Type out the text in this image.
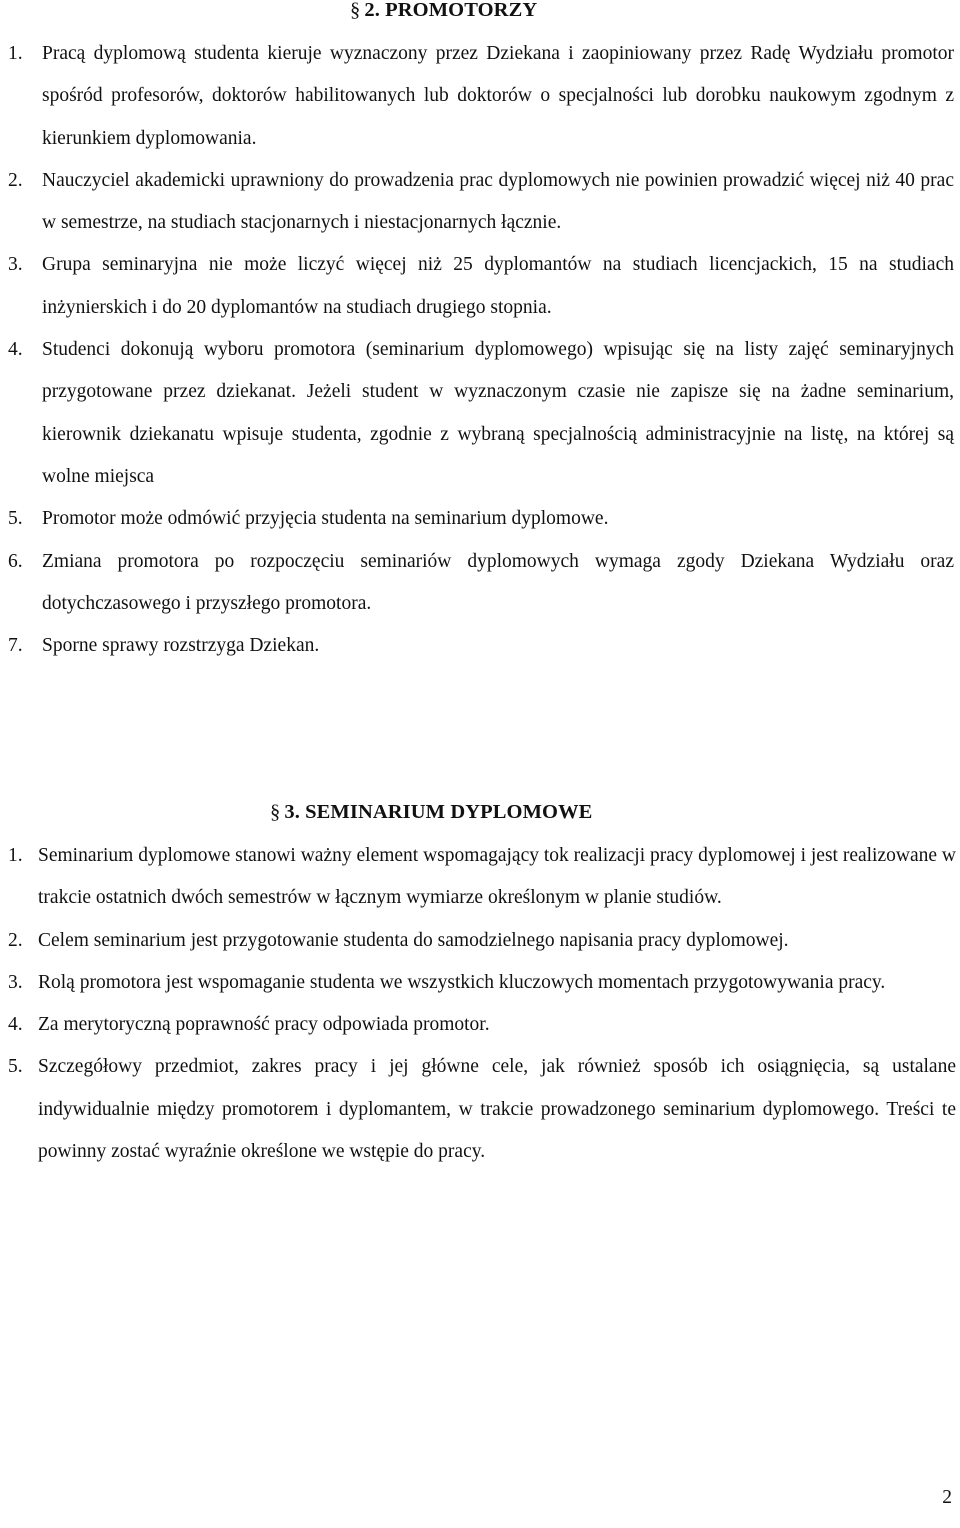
§ 2. PROMOTORZY
1. Pracą dyplomową studenta kieruje wyznaczony przez Dziekana i zaopiniowany przez Radę Wydziału promotor spośród profesorów, doktorów habilitowanych lub doktorów o specjalności lub dorobku naukowym zgodnym z kierunkiem dyplomowania.
2. Nauczyciel akademicki uprawniony do prowadzenia prac dyplomowych nie powinien prowadzić więcej niż 40 prac w semestrze, na studiach stacjonarnych i niestacjonarnych łącznie.
3. Grupa seminaryjna nie może liczyć więcej niż 25 dyplomantów na studiach licencjackich, 15 na studiach inżynierskich i do 20 dyplomantów na studiach drugiego stopnia.
4. Studenci dokonują wyboru promotora (seminarium dyplomowego) wpisując się na listy zajęć seminaryjnych przygotowane przez dziekanat. Jeżeli student w wyznaczonym czasie nie zapisze się na żadne seminarium, kierownik dziekanatu wpisuje studenta, zgodnie z wybraną specjalnością administracyjnie na listę, na której są wolne miejsca
5. Promotor może odmówić przyjęcia studenta na seminarium dyplomowe.
6. Zmiana promotora po rozpoczęciu seminariów dyplomowych wymaga zgody Dziekana Wydziału oraz dotychczasowego i przyszłego promotora.
7. Sporne sprawy rozstrzyga Dziekan.
§ 3. SEMINARIUM DYPLOMOWE
1. Seminarium dyplomowe stanowi ważny element wspomagający tok realizacji pracy dyplomowej i jest realizowane w trakcie ostatnich dwóch semestrów w łącznym wymiarze określonym w planie studiów.
2. Celem seminarium jest przygotowanie studenta do samodzielnego napisania pracy dyplomowej.
3. Rolą promotora jest wspomaganie studenta we wszystkich kluczowych momentach przygotowywania pracy.
4. Za merytoryczną poprawność pracy odpowiada promotor.
5. Szczegółowy przedmiot, zakres pracy i jej główne cele, jak również sposób ich osiągnięcia, są ustalane indywidualnie między promotorem i dyplomantem, w trakcie prowadzonego seminarium dyplomowego. Treści te powinny zostać wyraźnie określone we wstępie do pracy.
2
